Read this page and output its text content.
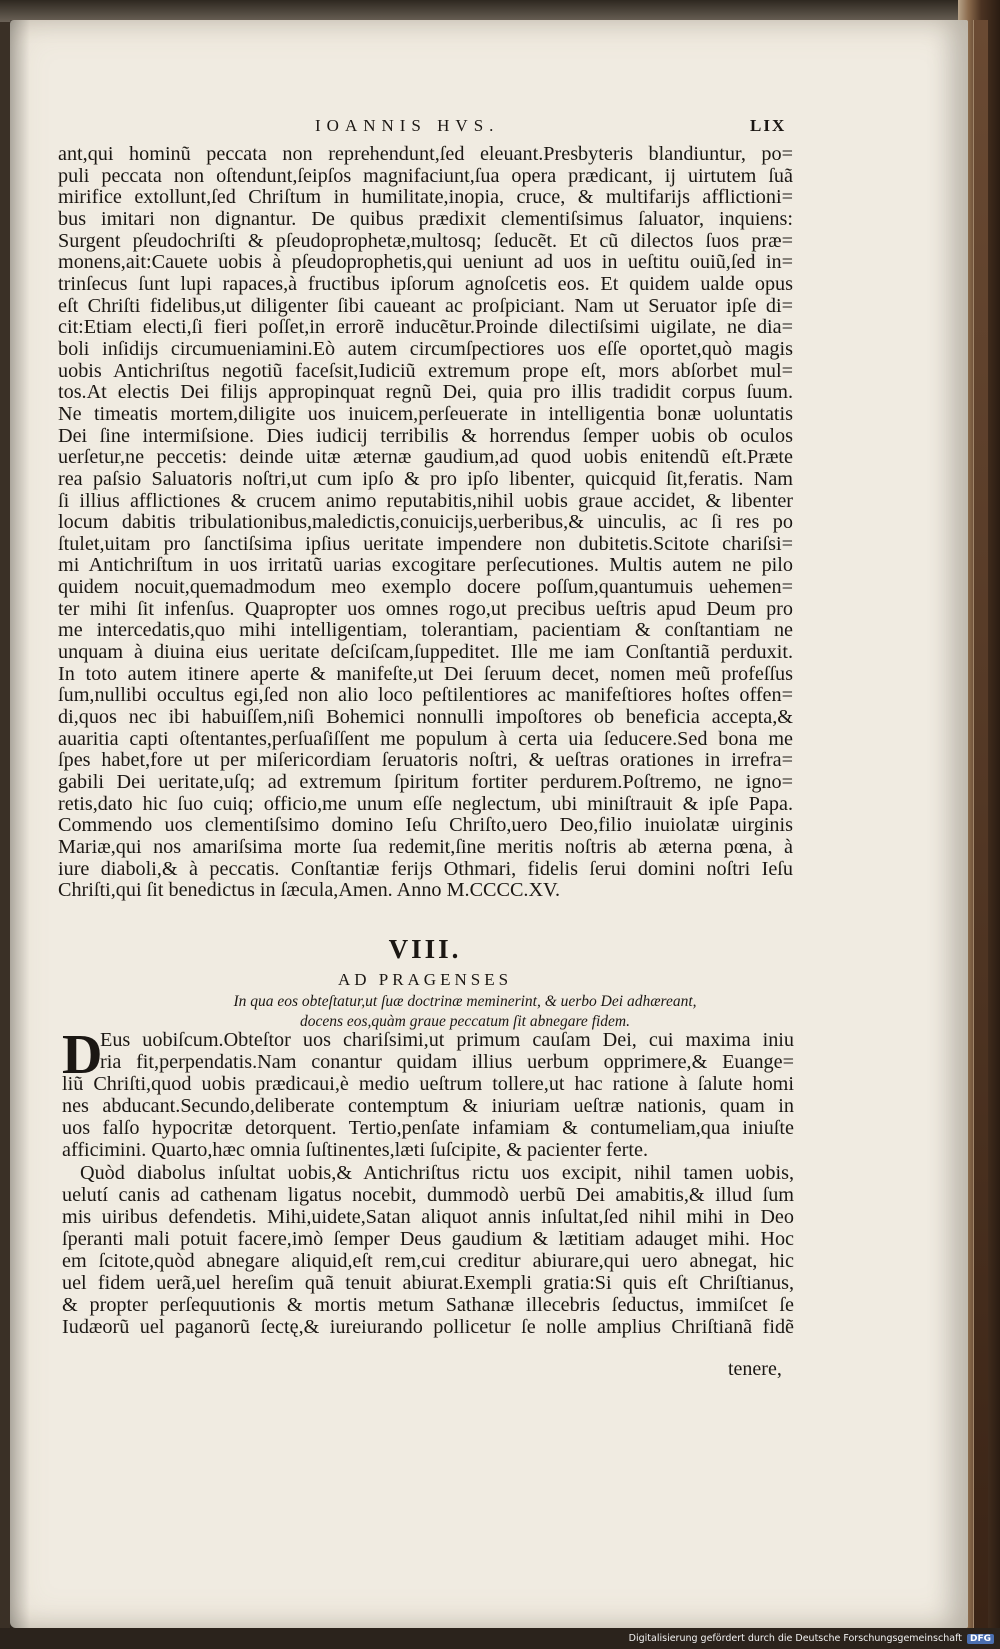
IOANNIS HVS.	LIX
ant,qui hominũ peccata non reprehendunt,ſed eleuant.Presbyteris blandiuntur, po=
puli peccata non oſtendunt,ſeipſos magnifaciunt,ſua opera prædicant, ij uirtutem ſuã
mirifice extollunt,ſed Chriſtum in humilitate,inopia, cruce, & multifarijs afflictioni=
bus imitari non dignantur. De quibus prædixit clementiſsimus ſaluator, inquiens:
Surgent pſeudochriſti & pſeudoprophetæ,multosq; ſeducẽt. Et cũ dilectos ſuos præ=
monens,ait:Cauete uobis à pſeudoprophetis,qui ueniunt ad uos in ueſtitu ouiũ,ſed in=
trinſecus ſunt lupi rapaces,à fructibus ipſorum agnoſcetis eos. Et quidem ualde opus
eſt Chriſti fidelibus,ut diligenter ſibi caueant ac proſpiciant. Nam ut Seruator ipſe di=
cit:Etiam electi,ſi fieri poſſet,in errorẽ inducẽtur.Proinde dilectiſsimi uigilate, ne dia=
boli inſidijs circumueniamini.Eò autem circumſpectiores uos eſſe oportet,quò magis
uobis Antichriſtus negotiũ faceſsit,Iudiciũ extremum prope eſt, mors abſorbet mul=
tos.At electis Dei filijs appropinquat regnũ Dei, quia pro illis tradidit corpus ſuum.
Ne timeatis mortem,diligite uos inuicem,perſeuerate in intelligentia bonæ uoluntatis
Dei ſine intermiſsione. Dies iudicij terribilis & horrendus ſemper uobis ob oculos
uerſetur,ne peccetis: deinde uitæ æternæ gaudium,ad quod uobis enitendũ eſt.Præte
rea paſsio Saluatoris noſtri,ut cum ipſo & pro ipſo libenter, quicquid ſit,feratis. Nam
ſi illius afflictiones & crucem animo reputabitis,nihil uobis graue accidet, & libenter
locum dabitis tribulationibus,maledictis,conuicijs,uerberibus,& uinculis, ac ſi res po
ſtulet,uitam pro ſanctiſsima ipſius ueritate impendere non dubitetis.Scitote chariſsi=
mi Antichriſtum in uos irritatũ uarias excogitare perſecutiones. Multis autem ne pilo
quidem nocuit,quemadmodum meo exemplo docere poſſum,quantumuis uehemen=
ter mihi ſit infenſus. Quapropter uos omnes rogo,ut precibus ueſtris apud Deum pro
me intercedatis,quo mihi intelligentiam, tolerantiam, pacientiam & conſtantiam ne
unquam à diuina eius ueritate deſciſcam,ſuppeditet. Ille me iam Conſtantiã perduxit.
In toto autem itinere aperte & manifeſte,ut Dei ſeruum decet, nomen meũ profeſſus
ſum,nullibi occultus egi,ſed non alio loco peſtilentiores ac manifeſtiores hoſtes offen=
di,quos nec ibi habuiſſem,niſi Bohemici nonnulli impoſtores ob beneficia accepta,&
auaritia capti oſtentantes,perſuaſiſſent me populum à certa uia ſeducere.Sed bona me
ſpes habet,fore ut per miſericordiam ſeruatoris noſtri, & ueſtras orationes in irrefra=
gabili Dei ueritate,uſq; ad extremum ſpiritum fortiter perdurem.Poſtremo, ne igno=
retis,dato hic ſuo cuiq; officio,me unum eſſe neglectum, ubi miniſtrauit & ipſe Papa.
Commendo uos clementiſsimo domino Ieſu Chriſto,uero Deo,filio inuiolatæ uirginis
Mariæ,qui nos amariſsima morte ſua redemit,ſine meritis noſtris ab æterna pœna, à
iure diaboli,& à peccatis. Conſtantiæ ferijs Othmari, fidelis ſerui domini noſtri Ieſu
Chriſti,qui ſit benedictus in ſæcula,Amen. Anno M.CCCC.XV.
VIII.
AD PRAGENSES
In qua eos obteſtatur,ut ſuæ doctrinæ meminerint, & uerbo Dei adhæreant,
docens eos,quàm graue peccatum ſit abnegare fidem.
D
Eus uobiſcum.Obteſtor uos chariſsimi,ut primum cauſam Dei, cui maxima iniu
ria fit,perpendatis.Nam conantur quidam illius uerbum opprimere,& Euange=
liũ Chriſti,quod uobis prædicaui,è medio ueſtrum tollere,ut hac ratione à ſalute homi
nes abducant.Secundo,deliberate contemptum & iniuriam ueſtræ nationis, quam in
uos falſo hypocritæ detorquent. Tertio,penſate infamiam & contumeliam,qua iniuſte
afficimini. Quarto,hæc omnia ſuſtinentes,læti ſuſcipite, & pacienter ferte.
Quòd diabolus inſultat uobis,& Antichriſtus rictu uos excipit, nihil tamen uobis,
uelutí canis ad cathenam ligatus nocebit, dummodò uerbũ Dei amabitis,& illud ſum
mis uiribus defendetis. Mihi,uidete,Satan aliquot annis inſultat,ſed nihil mihi in Deo
ſperanti mali potuit facere,imò ſemper Deus gaudium & lætitiam adauget mihi. Hoc
em ſcitote,quòd abnegare aliquid,eſt rem,cui creditur abiurare,qui uero abnegat, hic
uel fidem uerã,uel hereſim quã tenuit abiurat.Exempli gratia:Si quis eſt Chriſtianus,
& propter perſequutionis & mortis metum Sathanæ illecebris ſeductus, immiſcet ſe
Iudæorũ uel paganorũ ſectę,& iureiurando pollicetur ſe nolle amplius Chriſtianã fidẽ
tenere,
Digitalisierung gefördert durch die Deutsche Forschungsgemeinschaft DFG
